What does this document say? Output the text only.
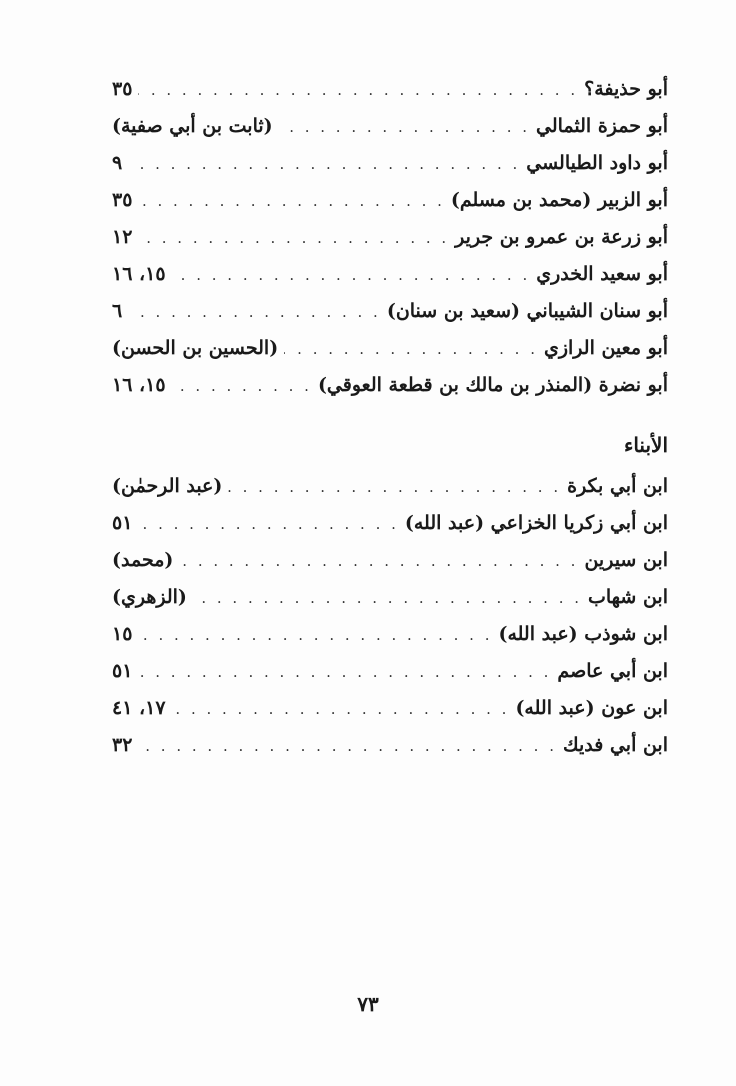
أبو حذيفة؟
. . .
٣٥
أبو حمزة الثمالي
. . .
(ثابت بن أبي صفية)
أبو داود الطيالسي
. . .
٩
أبو الزبير (محمد بن مسلم)
. . .
٣٥
أبو زرعة بن عمرو بن جرير
. . .
١٢
أبو سعيد الخدري
. . .
١٥، ١٦
أبو سنان الشيباني (سعيد بن سنان)
. . .
٦
أبو معين الرازي
. . .
(الحسين بن الحسن)
أبو نضرة (المنذر بن مالك بن قطعة العوقي)
. . .
١٥، ١٦
الأبناء
ابن أبي بكرة
. . .
(عبد الرحمٰن)
ابن أبي زكريا الخزاعي (عبد الله)
. . .
٥١
ابن سيرين
. . .
(محمد)
ابن شهاب
. . .
(الزهري)
ابن شوذب (عبد الله)
. . .
١٥
ابن أبي عاصم
. . .
٥١
ابن عون (عبد الله)
. . .
١٧، ٤١
ابن أبي فديك
. . .
٣٢
٧٣
